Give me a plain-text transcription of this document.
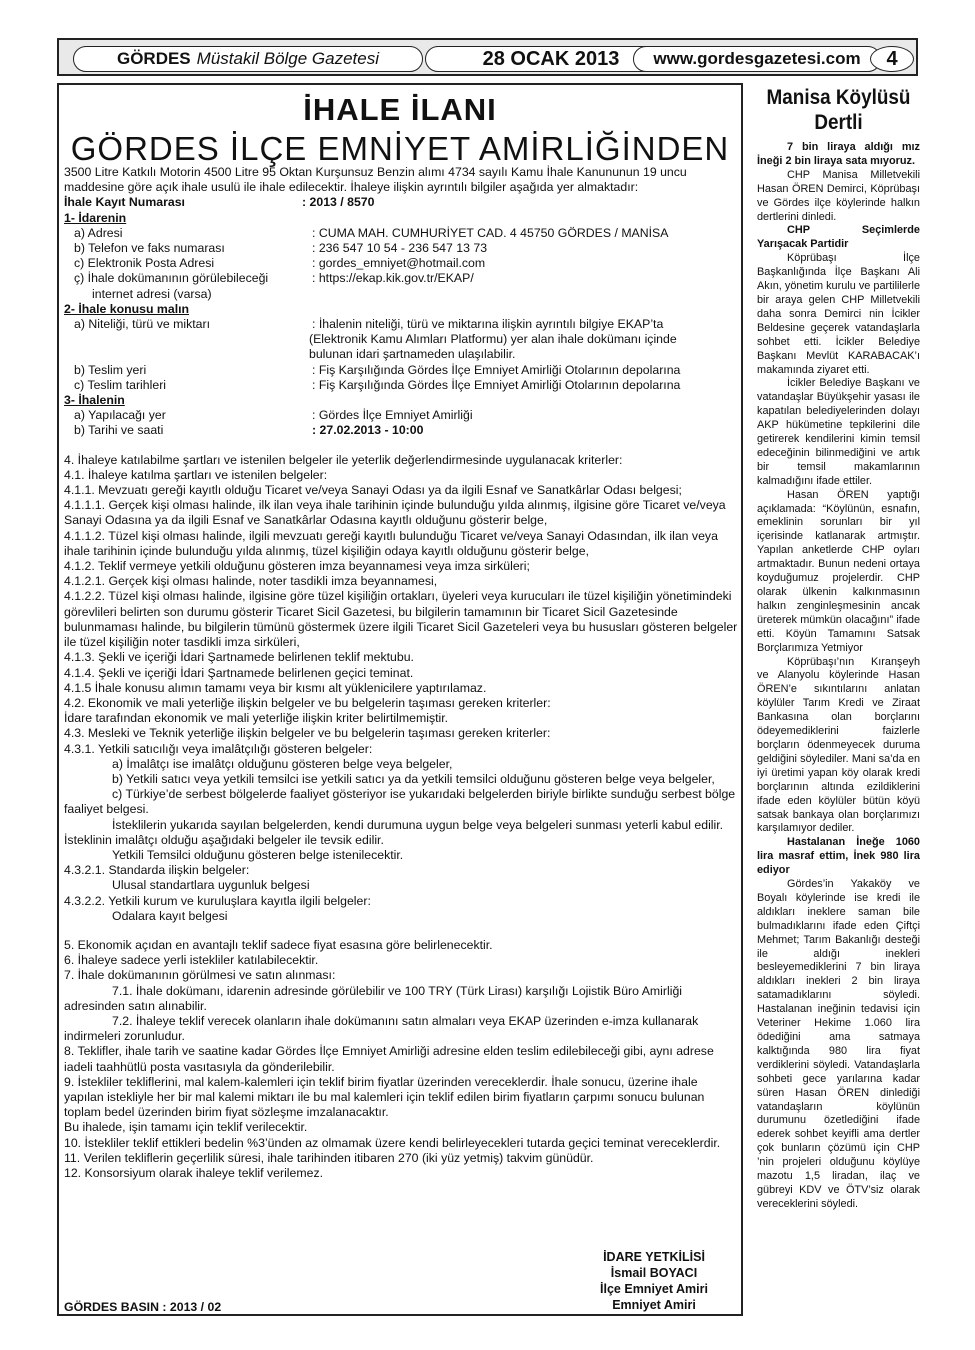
GÖRDES Müstakil Bölge Gazetesi	28 OCAK 2013	www.gordesgazetesi.com	4
İHALE İLANI
GÖRDES İLÇE EMNİYET AMİRLİĞİNDEN

3500 Litre Katkılı Motorin 4500 Litre 95 Oktan Kurşunsuz Benzin alımı 4734 sayılı Kamu İhale Kanununun 19 uncu maddesine göre açık ihale usulü ile ihale edilecektir. İhaleye ilişkin ayrıntılı bilgiler aşağıda yer almaktadır:

İhale Kayıt Numarası	: 2013 / 8570

1- İdarenin

a) Adresi	: CUMA MAH. CUMHURİYET CAD. 4 45750 GÖRDES / MANİSA
b) Telefon ve faks numarası	: 236 547 10 54 - 236 547 13 73
c) Elektronik Posta Adresi	: gordes_emniyet@hotmail.com
ç) İhale dokümanının görülebileceği	: https://ekap.kik.gov.tr/EKAP/

internet adresi (varsa)

2- İhale konusu malın

a) Niteliği, türü ve miktarı	: İhalenin niteliği, türü ve miktarına ilişkin ayrıntılı bilgiye EKAP’ta
(Elektronik Kamu Alımları Platformu) yer alan ihale dokümanı içinde
bulunan idari şartnameden ulaşılabilir.
b) Teslim yeri	: Fiş Karşılığında Gördes İlçe Emniyet Amirliği Otolarının depolarına
c) Teslim tarihleri	: Fiş Karşılığında Gördes İlçe Emniyet Amirliği Otolarının depolarına

3- İhalenin

a) Yapılacağı yer	: Gördes İlçe Emniyet Amirliği
b) Tarihi ve saati	: 27.02.2013 - 10:00

4. İhaleye katılabilme şartları ve istenilen belgeler ile yeterlik değerlendirmesinde uygulanacak kriterler:

4.1. İhaleye katılma şartları ve istenilen belgeler:

4.1.1. Mevzuatı gereği kayıtlı olduğu Ticaret ve/veya Sanayi Odası ya da ilgili Esnaf ve Sanatkârlar Odası belgesi;

4.1.1.1. Gerçek kişi olması halinde, ilk ilan veya ihale tarihinin içinde bulunduğu yılda alınmış, ilgisine göre Ticaret ve/veya Sanayi Odasına ya da ilgili Esnaf ve Sanatkârlar Odasına kayıtlı olduğunu gösterir belge,

4.1.1.2. Tüzel kişi olması halinde, ilgili mevzuatı gereği kayıtlı bulunduğu Ticaret ve/veya Sanayi Odasından, ilk ilan veya ihale tarihinin içinde bulunduğu yılda alınmış, tüzel kişiliğin odaya kayıtlı olduğunu gösterir belge,

4.1.2. Teklif vermeye yetkili olduğunu gösteren imza beyannamesi veya imza sirküleri;

4.1.2.1. Gerçek kişi olması halinde, noter tasdikli imza beyannamesi,

4.1.2.2. Tüzel kişi olması halinde, ilgisine göre tüzel kişiliğin ortakları, üyeleri veya kurucuları ile tüzel kişiliğin yönetimindeki görevlileri belirten son durumu gösterir Ticaret Sicil Gazetesi, bu bilgilerin tamamının bir Ticaret Sicil Gazetesinde bulunmaması halinde, bu bilgilerin tümünü göstermek üzere ilgili Ticaret Sicil Gazeteleri veya bu hususları gösteren belgeler ile tüzel kişiliğin noter tasdikli imza sirküleri,

4.1.3. Şekli ve içeriği İdari Şartnamede belirlenen teklif mektubu.

4.1.4. Şekli ve içeriği İdari Şartnamede belirlenen geçici teminat.

4.1.5 İhale konusu alımın tamamı veya bir kısmı alt yüklenicilere yaptırılamaz.

4.2. Ekonomik ve mali yeterliğe ilişkin belgeler ve bu belgelerin taşıması gereken kriterler:

İdare tarafından ekonomik ve mali yeterliğe ilişkin kriter belirtilmemiştir.

4.3. Mesleki ve Teknik yeterliğe ilişkin belgeler ve bu belgelerin taşıması gereken kriterler:

4.3.1. Yetkili satıcılığı veya imalâtçılığı gösteren belgeler:

a) İmalâtçı ise imalâtçı olduğunu gösteren belge veya belgeler,

b) Yetkili satıcı veya yetkili temsilci ise yetkili satıcı ya da yetkili temsilci olduğunu gösteren belge veya belgeler,

c) Türkiye’de serbest bölgelerde faaliyet gösteriyor ise yukarıdaki belgelerden biriyle birlikte sunduğu serbest bölge faaliyet belgesi.

İsteklilerin yukarıda sayılan belgelerden, kendi durumuna uygun belge veya belgeleri sunması yeterli kabul edilir. İsteklinin imalâtçı olduğu aşağıdaki belgeler ile tevsik edilir.

Yetkili Temsilci olduğunu gösteren belge istenilecektir.

4.3.2.1. Standarda ilişkin belgeler:

Ulusal standartlara uygunluk belgesi

4.3.2.2. Yetkili kurum ve kuruluşlara kayıtla ilgili belgeler:

Odalara kayıt belgesi

5. Ekonomik açıdan en avantajlı teklif sadece fiyat esasına göre belirlenecektir.

6. İhaleye sadece yerli istekliler katılabilecektir.

7. İhale dokümanının görülmesi ve satın alınması:

7.1. İhale dokümanı, idarenin adresinde görülebilir ve 100 TRY (Türk Lirası) karşılığı Lojistik Büro Amirliği adresinden satın alınabilir.

7.2. İhaleye teklif verecek olanların ihale dokümanını satın almaları veya EKAP üzerinden e-imza kullanarak indirmeleri zorunludur.

8. Teklifler, ihale tarih ve saatine kadar Gördes İlçe Emniyet Amirliği adresine elden teslim edilebileceği gibi, aynı adrese iadeli taahhütlü posta vasıtasıyla da gönderilebilir.

9. İstekliler tekliflerini, mal kalem-kalemleri için teklif birim fiyatlar üzerinden vereceklerdir. İhale sonucu, üzerine ihale yapılan istekliyle her bir mal kalemi miktarı ile bu mal kalemleri için teklif edilen birim fiyatların çarpımı sonucu bulunan toplam bedel üzerinden birim fiyat sözleşme imzalanacaktır.

Bu ihalede, işin tamamı için teklif verilecektir.

10. İstekliler teklif ettikleri bedelin %3’ünden az olmamak üzere kendi belirleyecekleri tutarda geçici teminat vereceklerdir.

11. Verilen tekliflerin geçerlilik süresi, ihale tarihinden itibaren 270 (iki yüz yetmiş) takvim günüdür.

12. Konsorsiyum olarak ihaleye teklif verilemez.

İDARE YETKİLİSİ
İsmail BOYACI
İlçe Emniyet Amiri
Emniyet Amiri
GÖRDES BASIN : 2013 / 02
Manisa Köylüsü Dertli

7 bin liraya aldığı mız İneği 2 bin liraya sata mıyoruz.

CHP Manisa Milletvekili Hasan ÖREN Demirci, Köprübaşı ve Gördes ilçe köylerinde halkın dertlerini dinledi.

CHP Seçimlerde Yarışacak Partidir

Köprübaşı İlçe Başkanlığında İlçe Başkanı Ali Akın, yönetim kurulu ve partililerle bir araya gelen CHP Milletvekili daha sonra Demirci nin İcikler Beldesine geçerek vatandaşlarla sohbet etti. İcikler Belediye Başkanı Mevlüt KARABACAK’ı makamında ziyaret etti.

İcikler Belediye Başkanı ve vatandaşlar Büyükşehir yasası ile kapatılan belediyelerinden dolayı AKP hükümetine tepkilerini dile getirerek kendilerini kimin temsil edeceğinin bilinmediğini ve artık bir temsil makamlarının kalmadığını ifade ettiler.

Hasan ÖREN yaptığı açıklamada: “Köylünün, esnafın, emeklinin sorunları bir yıl içerisinde katlanarak artmıştır. Yapılan anketlerde CHP oyları artmaktadır. Bunun nedeni ortaya koyduğumuz projelerdir. CHP olarak ülkenin kalkınmasının halkın zenginleşmesinin ancak üreterek mümkün olacağını” ifade etti. Köyün Tamamını Satsak Borçlarımıza Yetmiyor

Köprübaşı’nın Kıranşeyh ve Alanyolu köylerinde Hasan ÖREN’e sıkıntılarını anlatan köylüler Tarım Kredi ve Ziraat Bankasına olan borçlarını ödeyemediklerini faizlerle borçların ödenmeyecek duruma geldiğini söylediler. Mani sa’da en iyi üretimi yapan köy olarak kredi borçlarının altında ezildiklerini ifade eden köylüler bütün köyü satsak bankaya olan borçlarımızı karşılamıyor dediler.

Hastalanan İneğe 1060 lira masraf ettim, İnek 980 lira ediyor

Gördes’in Yakaköy ve Boyalı köylerinde ise kredi ile aldıkları ineklere saman bile bulmadıklarını ifade eden Çiftçi Mehmet; Tarım Bakanlığı desteği ile aldığı inekleri besleyemediklerini 7 bin liraya aldıkları inekleri 2 bin liraya satamadıklarını söyledi. Hastalanan ineğinin tedavisi için Veteriner Hekime 1.060 lira ödediğini ama satmaya kalktığında 980 lira fiyat verdiklerini söyledi. Vatandaşlarla sohbeti gece yarılarına kadar süren Hasan ÖREN dinlediği vatandaşların köylünün durumunu özetlediğini ifade ederek sohbet keyifli ama dertler çok bunların çözümü için CHP ’nin projeleri olduğunu köylüye mazotu 1,5 liradan, ilaç ve gübreyi KDV ve ÖTV’siz olarak vereceklerini söyledi.
